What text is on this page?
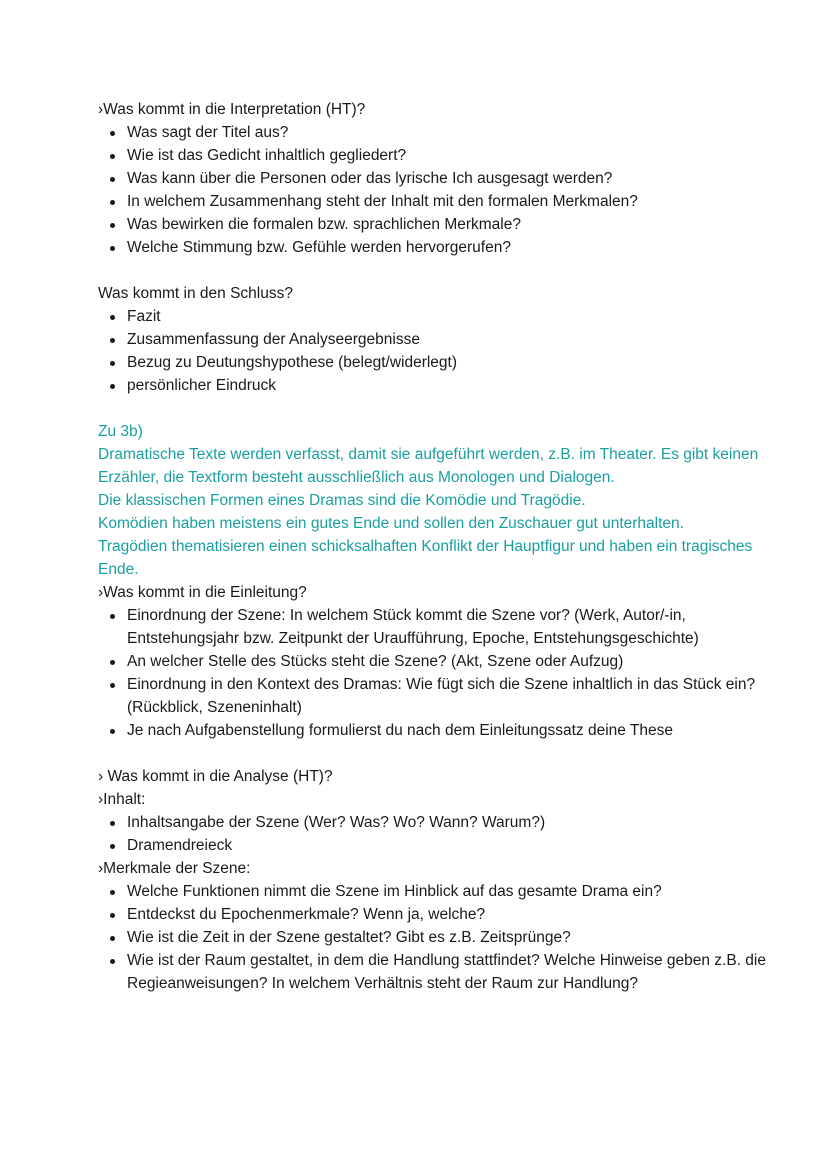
›Was kommt in die Interpretation (HT)?
Was sagt der Titel aus?
Wie ist das Gedicht inhaltlich gegliedert?
Was kann über die Personen oder das lyrische Ich ausgesagt werden?
In welchem Zusammenhang steht der Inhalt mit den formalen Merkmalen?
Was bewirken die formalen bzw. sprachlichen Merkmale?
Welche Stimmung bzw. Gefühle werden hervorgerufen?
Was kommt in den Schluss?
Fazit
Zusammenfassung der Analyseergebnisse
Bezug zu Deutungshypothese (belegt/widerlegt)
persönlicher Eindruck
Zu 3b)
Dramatische Texte werden verfasst, damit sie aufgeführt werden, z.B. im Theater. Es gibt keinen Erzähler, die Textform besteht ausschließlich aus Monologen und Dialogen.
Die klassischen Formen eines Dramas sind die Komödie und Tragödie.
Komödien haben meistens ein gutes Ende und sollen den Zuschauer gut unterhalten.
Tragödien thematisieren einen schicksalhaften Konflikt der Hauptfigur und haben ein tragisches Ende.
›Was kommt in die Einleitung?
Einordnung der Szene: In welchem Stück kommt die Szene vor? (Werk, Autor/-in, Entstehungsjahr bzw. Zeitpunkt der Uraufführung, Epoche, Entstehungsgeschichte)
An welcher Stelle des Stücks steht die Szene? (Akt, Szene oder Aufzug)
Einordnung in den Kontext des Dramas: Wie fügt sich die Szene inhaltlich in das Stück ein? (Rückblick, Szeneninhalt)
Je nach Aufgabenstellung formulierst du nach dem Einleitungssatz deine These
› Was kommt in die Analyse (HT)?
›Inhalt:
Inhaltsangabe der Szene (Wer? Was? Wo? Wann? Warum?)
Dramendreieck
›Merkmale der Szene:
Welche Funktionen nimmt die Szene im Hinblick auf das gesamte Drama ein?
Entdeckst du Epochenmerkmale? Wenn ja, welche?
Wie ist die Zeit in der Szene gestaltet? Gibt es z.B. Zeitsprünge?
Wie ist der Raum gestaltet, in dem die Handlung stattfindet? Welche Hinweise geben z.B. die Regieanweisungen? In welchem Verhältnis steht der Raum zur Handlung?
